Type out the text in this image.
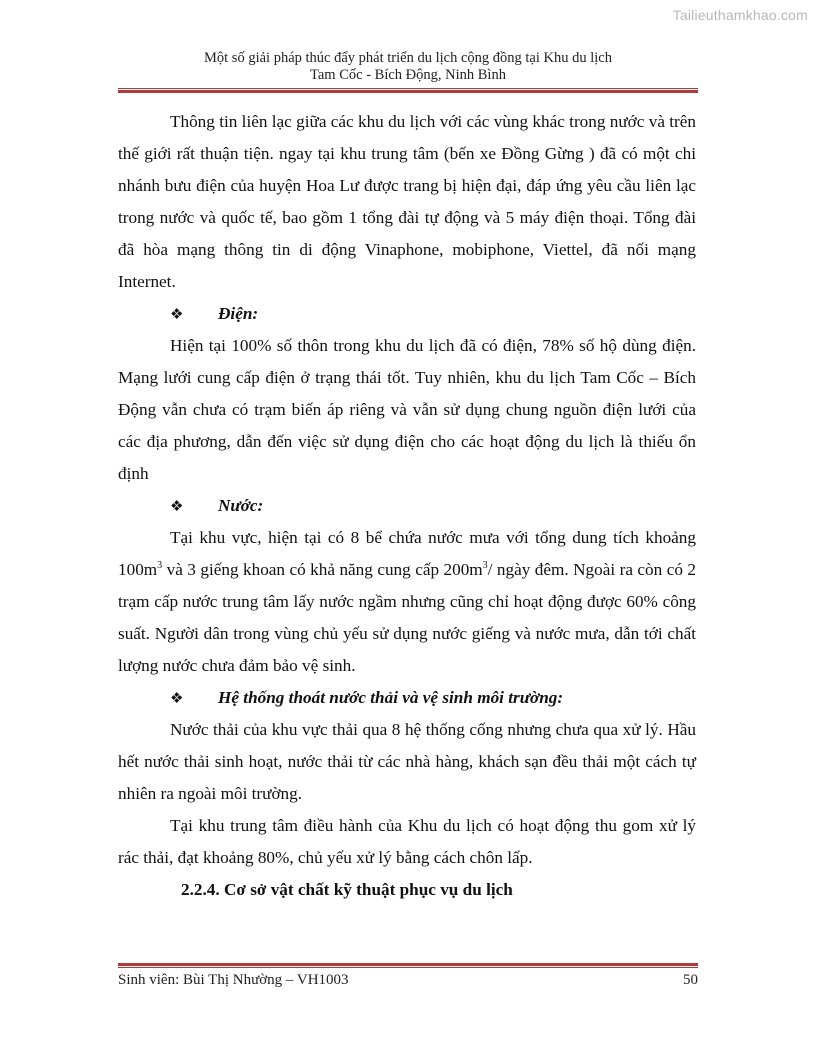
Tailieuthamkhao.com
Một số giải pháp thúc đẩy phát triển du lịch cộng đồng tại Khu du lịch
Tam Cốc - Bích Động, Ninh Bình

Thông tin liên lạc giữa các khu du lịch với các vùng khác trong nước và trên thế giới rất thuận tiện. ngay tại khu trung tâm (bến xe Đồng Gừng ) đã có một chi nhánh bưu điện của huyện Hoa Lư được trang bị hiện đại, đáp ứng yêu cầu liên lạc trong nước và quốc tế, bao gồm 1 tổng đài tự động và 5 máy điện thoại. Tổng đài đã hòa mạng thông tin di động Vinaphone, mobiphone, Viettel, đã nối mạng Internet.

❖	Điện:

Hiện tại 100% số thôn trong khu du lịch đã có điện, 78% số hộ dùng điện. Mạng lưới cung cấp điện ở trạng thái tốt. Tuy nhiên, khu du lịch Tam Cốc – Bích Động vẫn chưa có trạm biến áp riêng và vẫn sử dụng chung nguồn điện lưới của các địa phương, dẫn đến việc sử dụng điện cho các hoạt động du lịch là thiếu ổn định

❖	Nước:

Tại khu vực, hiện tại có 8 bể chứa nước mưa với tổng dung tích khoảng $100m^3$ và 3 giếng khoan có khả năng cung cấp $200m^3/$ ngày đêm. Ngoài ra còn có 2 trạm cấp nước trung tâm lấy nước ngầm nhưng cũng chỉ hoạt động được 60% công suất. Người dân trong vùng chủ yếu sử dụng nước giếng và nước mưa, dẫn tới chất lượng nước chưa đảm bảo vệ sinh.

❖	Hệ thống thoát nước thải và vệ sinh môi trường:

Nước thải của khu vực thải qua 8 hệ thống cống nhưng chưa qua xử lý. Hầu hết nước thải sinh hoạt, nước thải từ các nhà hàng, khách sạn đều thải một cách tự nhiên ra ngoài môi trường.

Tại khu trung tâm điều hành của Khu du lịch có hoạt động thu gom xử lý rác thải, đạt khoảng 80%, chủ yếu xử lý bằng cách chôn lấp.

2.2.4. Cơ sở vật chất kỹ thuật phục vụ du lịch

Sinh viên: Bùi Thị Nhường – VH1003	50
